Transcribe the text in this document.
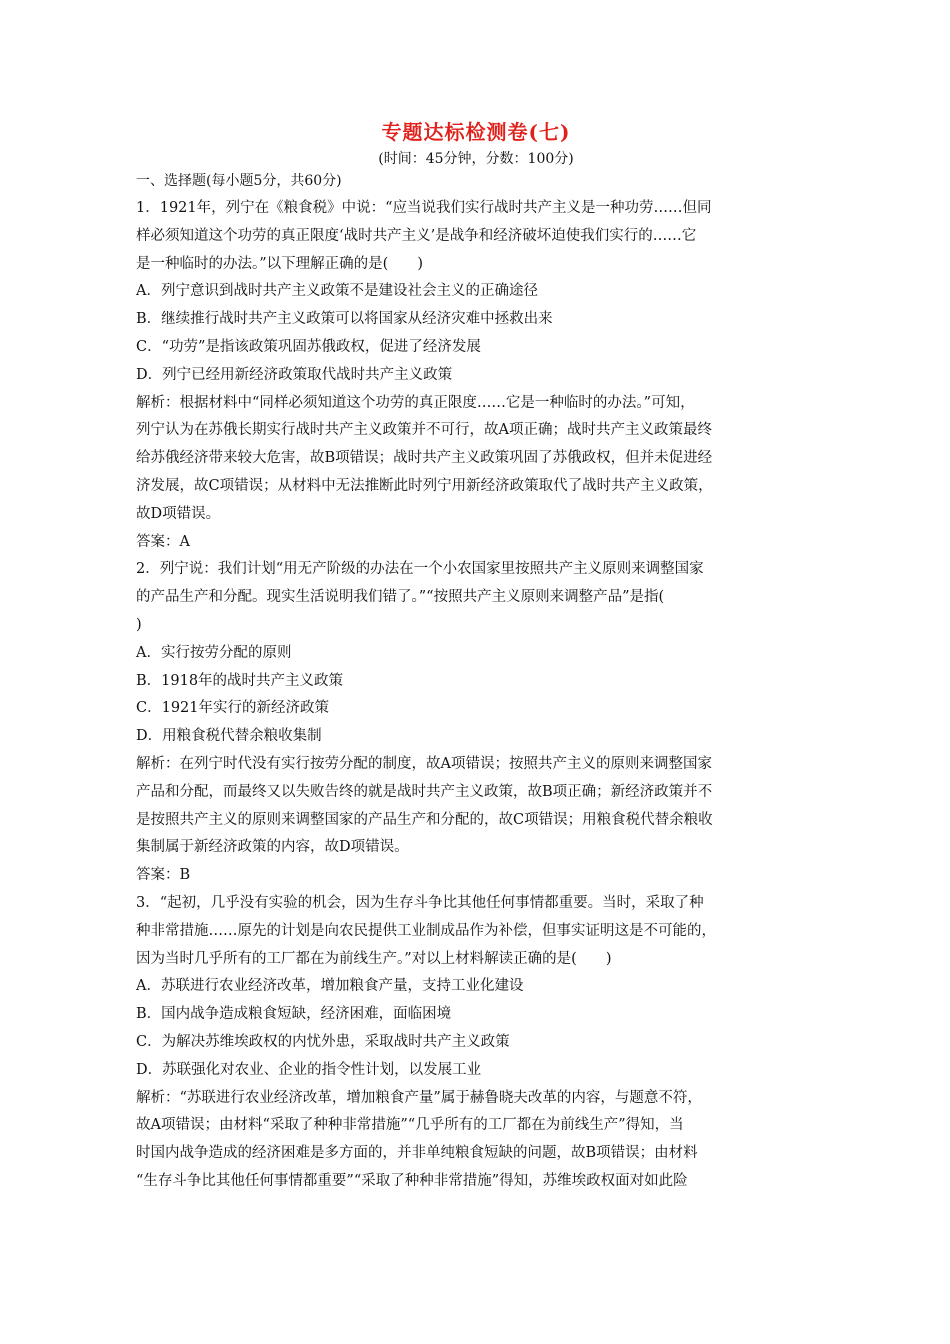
专题达标检测卷(七)
(时间：45分钟，分数：100分)
一、选择题(每小题5分，共60分)

1．1921年，列宁在《粮食税》中说：“应当说我们实行战时共产主义是一种功劳……但同

样必须知道这个功劳的真正限度‘战时共产主义’是战争和经济破坏迫使我们实行的……它

是一种临时的办法。”以下理解正确的是(　　)

A．列宁意识到战时共产主义政策不是建设社会主义的正确途径

B．继续推行战时共产主义政策可以将国家从经济灾难中拯救出来

C．“功劳”是指该政策巩固苏俄政权，促进了经济发展

D．列宁已经用新经济政策取代战时共产主义政策

解析：根据材料中“同样必须知道这个功劳的真正限度……它是一种临时的办法。”可知，

列宁认为在苏俄长期实行战时共产主义政策并不可行，故A项正确；战时共产主义政策最终

给苏俄经济带来较大危害，故B项错误；战时共产主义政策巩固了苏俄政权，但并未促进经

济发展，故C项错误；从材料中无法推断此时列宁用新经济政策取代了战时共产主义政策，

故D项错误。

答案：A

2．列宁说：我们计划“用无产阶级的办法在一个小农国家里按照共产主义原则来调整国家

的产品生产和分配。现实生活说明我们错了。”“按照共产主义原则来调整产品”是指(

)

A．实行按劳分配的原则

B．1918年的战时共产主义政策

C．1921年实行的新经济政策

D．用粮食税代替余粮收集制

解析：在列宁时代没有实行按劳分配的制度，故A项错误；按照共产主义的原则来调整国家

产品和分配，而最终又以失败告终的就是战时共产主义政策，故B项正确；新经济政策并不

是按照共产主义的原则来调整国家的产品生产和分配的，故C项错误；用粮食税代替余粮收

集制属于新经济政策的内容，故D项错误。

答案：B

3．“起初，几乎没有实验的机会，因为生存斗争比其他任何事情都重要。当时，采取了种

种非常措施……原先的计划是向农民提供工业制成品作为补偿，但事实证明这是不可能的，

因为当时几乎所有的工厂都在为前线生产。”对以上材料解读正确的是(　　)

A．苏联进行农业经济改革，增加粮食产量，支持工业化建设

B．国内战争造成粮食短缺，经济困难，面临困境

C．为解决苏维埃政权的内忧外患，采取战时共产主义政策

D．苏联强化对农业、企业的指令性计划，以发展工业

解析：“苏联进行农业经济改革，增加粮食产量”属于赫鲁晓夫改革的内容，与题意不符，

故A项错误；由材料“采取了种种非常措施”“几乎所有的工厂都在为前线生产”得知，当

时国内战争造成的经济困难是多方面的，并非单纯粮食短缺的问题，故B项错误；由材料

“生存斗争比其他任何事情都重要”“采取了种种非常措施”得知，苏维埃政权面对如此险
